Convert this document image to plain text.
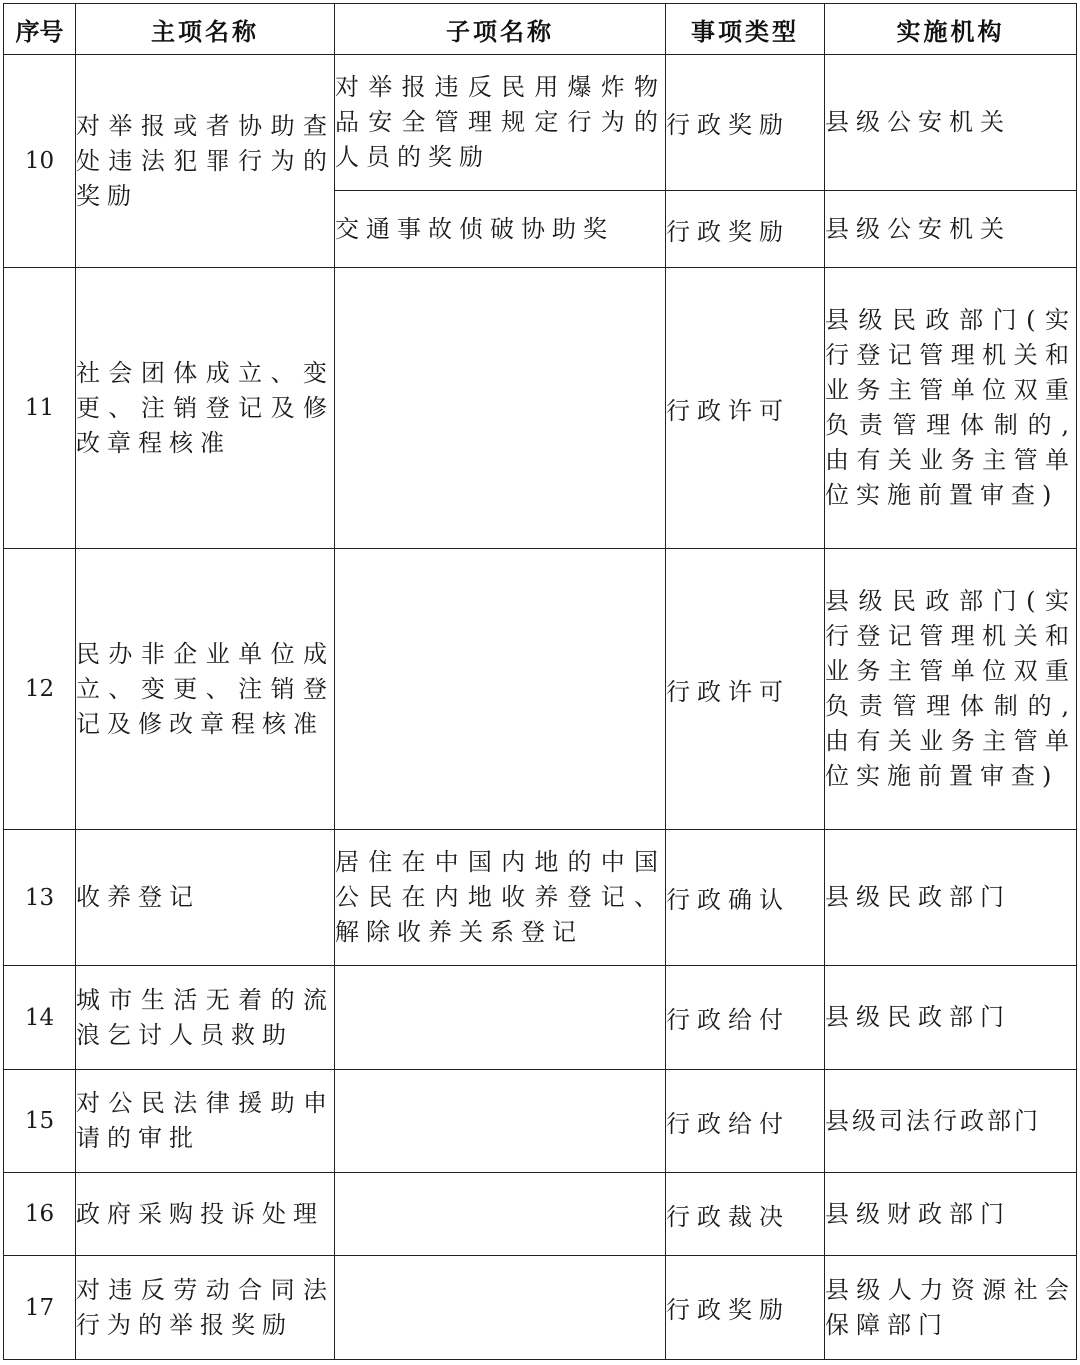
序号	主项名称	子项名称	事项类型	实施机构
10	对举报或者协助查处违法犯罪行为的奖励	对举报违反民用爆炸物品安全管理规定行为的人员的奖励	行政奖励	县级公安机关
		交通事故侦破协助奖	行政奖励	县级公安机关
11	社会团体成立、变更、注销登记及修改章程核准		行政许可	县级民政部门(实行登记管理机关和业务主管单位双重负责管理体制的,由有关业务主管单位实施前置审查)
12	民办非企业单位成立、变更、注销登记及修改章程核准		行政许可	县级民政部门(实行登记管理机关和业务主管单位双重负责管理体制的,由有关业务主管单位实施前置审查)
13	收养登记	居住在中国内地的中国公民在内地收养登记、解除收养关系登记	行政确认	县级民政部门
14	城市生活无着的流浪乞讨人员救助		行政给付	县级民政部门
15	对公民法律援助申请的审批		行政给付	县级司法行政部门
16	政府采购投诉处理		行政裁决	县级财政部门
17	对违反劳动合同法行为的举报奖励		行政奖励	县级人力资源社会保障部门
